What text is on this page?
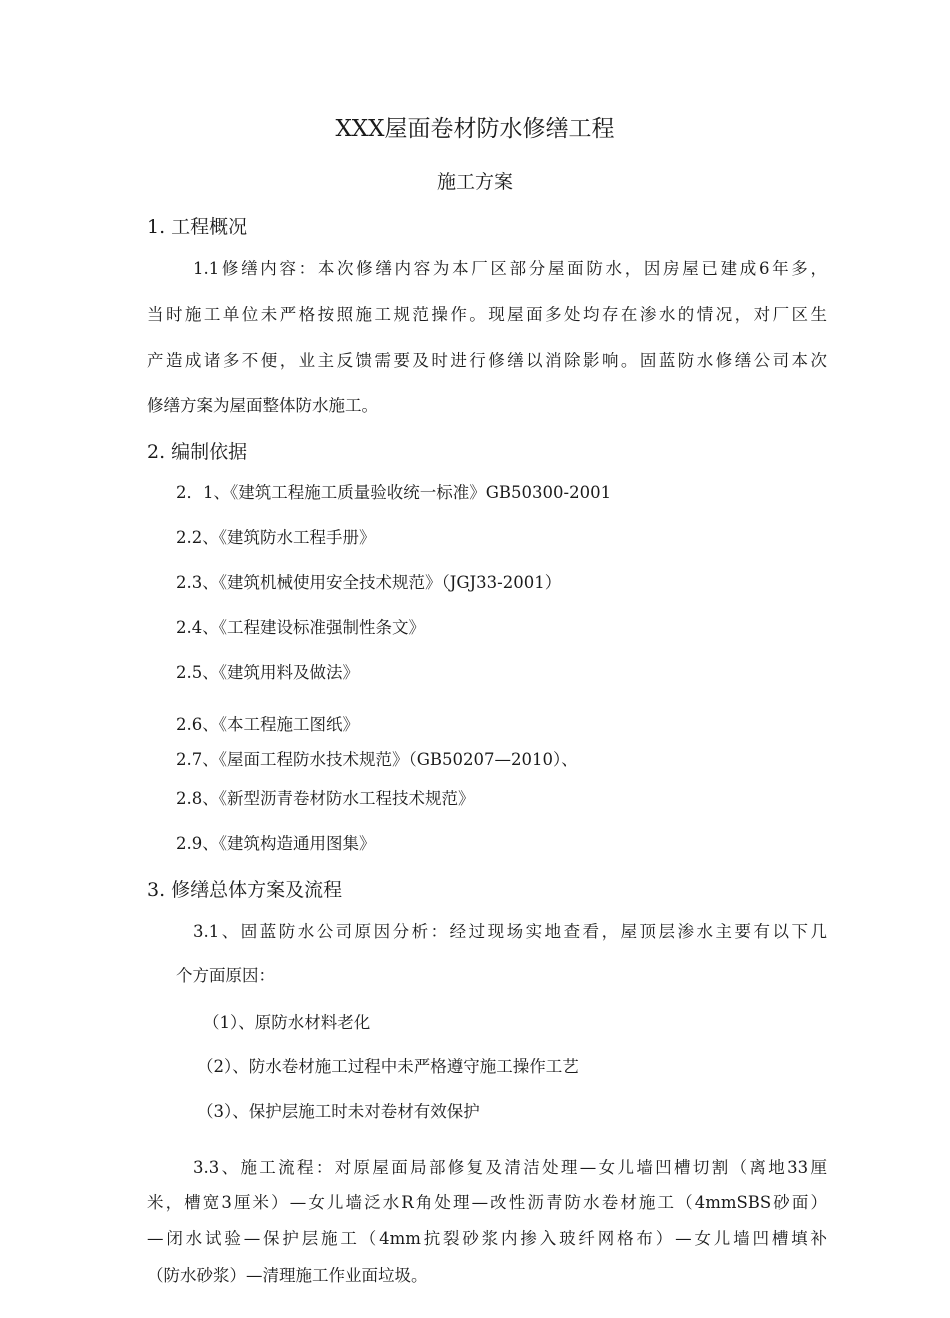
XXX屋面卷材防水修缮工程
施工方案
1. 工程概况
1.1修缮内容：本次修缮内容为本厂区部分屋面防水，因房屋已建成6年多，
当时施工单位未严格按照施工规范操作。现屋面多处均存在渗水的情况，对厂区生
产造成诸多不便，业主反馈需要及时进行修缮以消除影响。固蓝防水修缮公司本次
修缮方案为屋面整体防水施工。
2. 编制依据
2．1、《建筑工程施工质量验收统一标准》GB50300-2001
2.2、《建筑防水工程手册》
2.3、《建筑机械使用安全技术规范》（JGJ33-2001）
2.4、《工程建设标准强制性条文》
2.5、《建筑用料及做法》
2.6、《本工程施工图纸》
2.7、《屋面工程防水技术规范》（GB50207—2010）、
2.8、《新型沥青卷材防水工程技术规范》
2.9、《建筑构造通用图集》
3. 修缮总体方案及流程
3.1、固蓝防水公司原因分析：经过现场实地查看，屋顶层渗水主要有以下几
个方面原因：
（1）、原防水材料老化
（2）、防水卷材施工过程中未严格遵守施工操作工艺
（3）、保护层施工时未对卷材有效保护
3.3、施工流程：对原屋面局部修复及清洁处理—女儿墙凹槽切割（离地33厘
米，槽宽3厘米）—女儿墙泛水R角处理—改性沥青防水卷材施工（4mmSBS砂面）
—闭水试验—保护层施工（4mm抗裂砂浆内掺入玻纤网格布）—女儿墙凹槽填补
（防水砂浆）—清理施工作业面垃圾。
